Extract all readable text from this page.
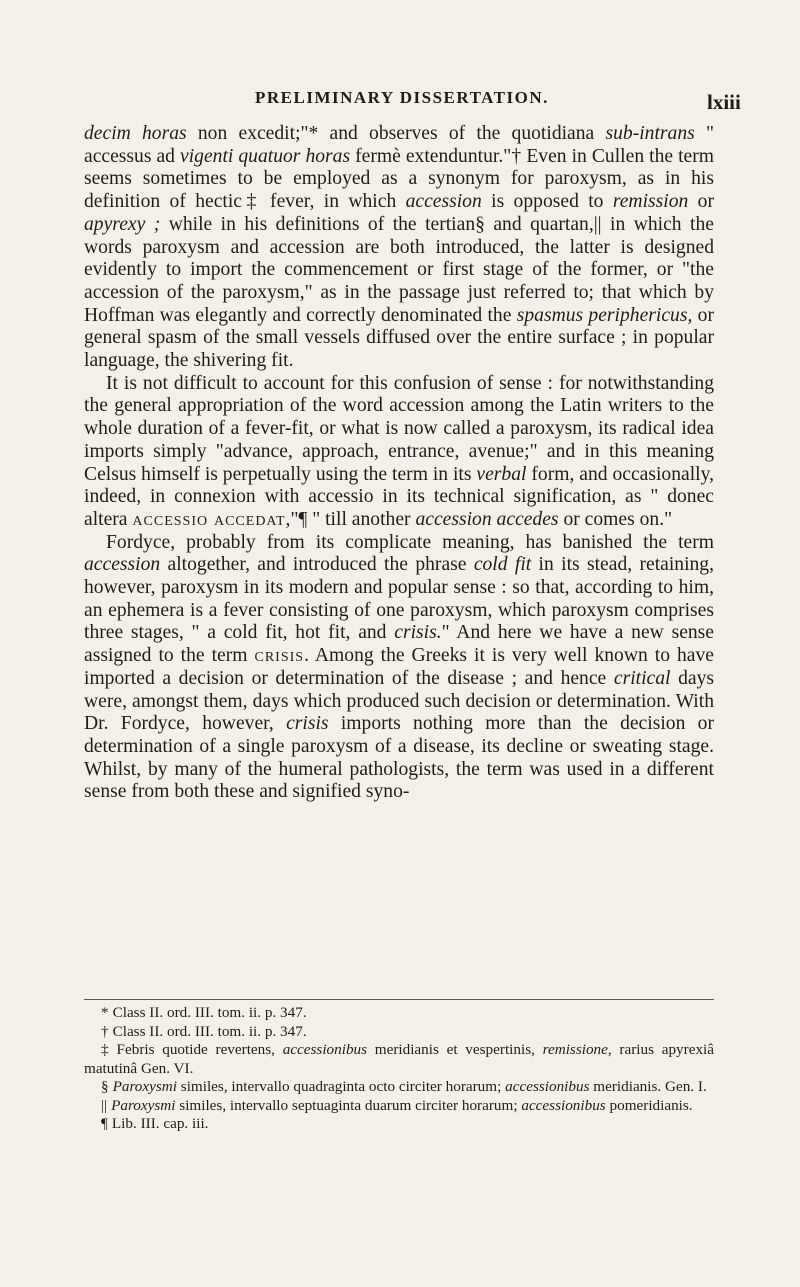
PRELIMINARY DISSERTATION.	lxiii

decim horas non excedit;"* and observes of the quotidiana sub-intrans " accessus ad vigenti quatuor horas fermè extenduntur."† Even in Cullen the term seems sometimes to be employed as a synonym for paroxysm, as in his definition of hectic‡ fever, in which accession is opposed to remission or apyrexy ; while in his definitions of the tertian§ and quartan,|| in which the words paroxysm and accession are both introduced, the latter is designed evidently to import the commencement or first stage of the former, or "the accession of the paroxysm," as in the passage just referred to; that which by Hoffman was elegantly and correctly denominated the spasmus periphericus, or general spasm of the small vessels diffused over the entire surface ; in popular language, the shivering fit.

It is not difficult to account for this confusion of sense : for notwithstanding the general appropriation of the word accession among the Latin writers to the whole duration of a fever-fit, or what is now called a paroxysm, its radical idea imports simply "advance, approach, entrance, avenue;" and in this meaning Celsus himself is perpetually using the term in its verbal form, and occasionally, indeed, in connexion with accessio in its technical signification, as " donec altera accessio accedat,"¶ " till another accession accedes or comes on."

Fordyce, probably from its complicate meaning, has banished the term accession altogether, and introduced the phrase cold fit in its stead, retaining, however, paroxysm in its modern and popular sense : so that, according to him, an ephemera is a fever consisting of one paroxysm, which paroxysm comprises three stages, " a cold fit, hot fit, and crisis." And here we have a new sense assigned to the term crisis. Among the Greeks it is very well known to have imported a decision or determination of the disease ; and hence critical days were, amongst them, days which produced such decision or determination. With Dr. Fordyce, however, crisis imports nothing more than the decision or determination of a single paroxysm of a disease, its decline or sweating stage. Whilst, by many of the humeral pathologists, the term was used in a different sense from both these and signified syno-

* Class II. ord. III. tom. ii. p. 347.

† Class II. ord. III. tom. ii. p. 347.

‡ Febris quotide revertens, accessionibus meridianis et vespertinis, remissione, rarius apyrexiâ matutinâ Gen. VI.

§ Paroxysmi similes, intervallo quadraginta octo circiter horarum; accessionibus meridianis. Gen. I.

|| Paroxysmi similes, intervallo septuaginta duarum circiter horarum; accessionibus pomeridianis.

¶ Lib. III. cap. iii.
